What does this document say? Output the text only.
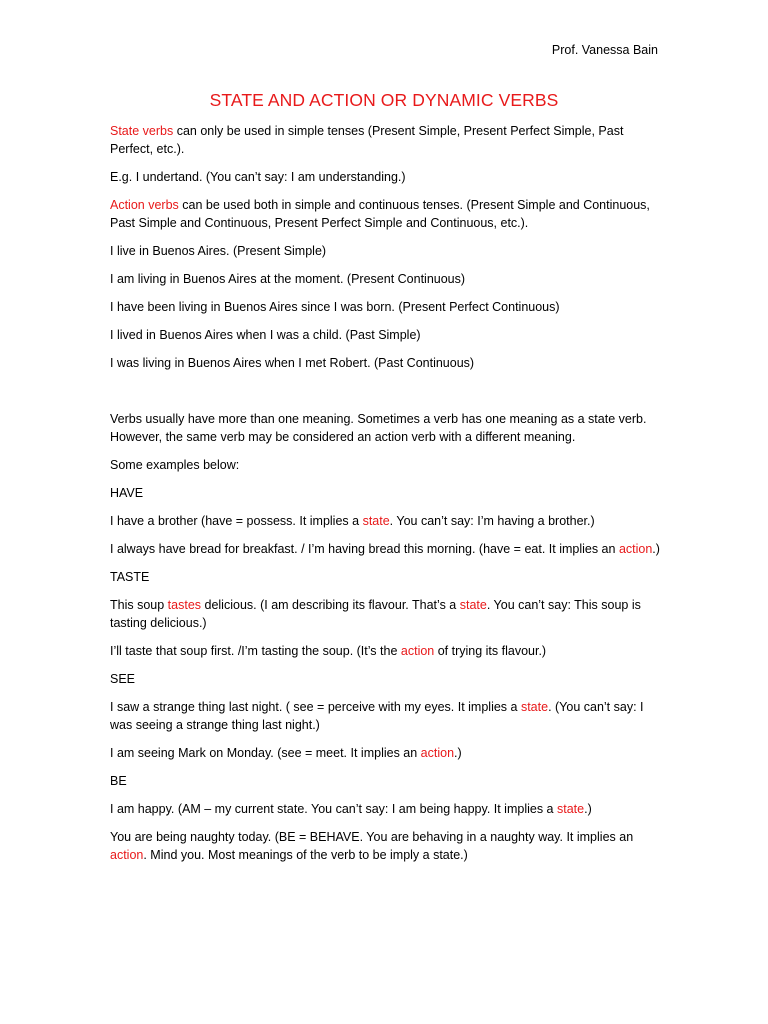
Prof. Vanessa Bain
STATE AND ACTION OR DYNAMIC VERBS

State verbs can only be used in simple tenses (Present Simple, Present Perfect Simple, Past Perfect, etc.).

E.g. I undertand. (You can’t say: I am understanding.)

Action verbs can be used both in simple and continuous tenses. (Present Simple and Continuous, Past Simple and Continuous, Present Perfect Simple and Continuous, etc.).

I live in Buenos Aires. (Present Simple)

I am living in Buenos Aires at the moment. (Present Continuous)

I have been living in Buenos Aires since I was born. (Present Perfect Continuous)

I lived in Buenos Aires when I was a child. (Past Simple)

I was living in Buenos Aires when I met Robert. (Past Continuous)

Verbs usually have more than one meaning. Sometimes a verb has one meaning as a state verb. However, the same verb may be considered an action verb with a different meaning.

Some examples below:

HAVE

I have a brother (have = possess. It implies a state. You can’t say: I’m having a brother.)

I always have bread for breakfast. / I’m having bread this morning. (have = eat. It implies an action.)

TASTE

This soup tastes delicious. (I am describing its flavour. That’s a state. You can’t say: This soup is tasting delicious.)

I’ll taste that soup first. /I’m tasting the soup. (It’s the action of trying its flavour.)

SEE

I saw a strange thing last night. ( see = perceive with my eyes. It implies a state. (You can’t say: I was seeing a strange thing last night.)

I am seeing Mark on Monday. (see = meet. It implies an action.)

BE

I am happy. (AM – my current state. You can’t say: I am being happy. It implies a state.)

You are being naughty today. (BE = BEHAVE. You are behaving in a naughty way. It implies an action. Mind you. Most meanings of the verb to be imply a state.)
